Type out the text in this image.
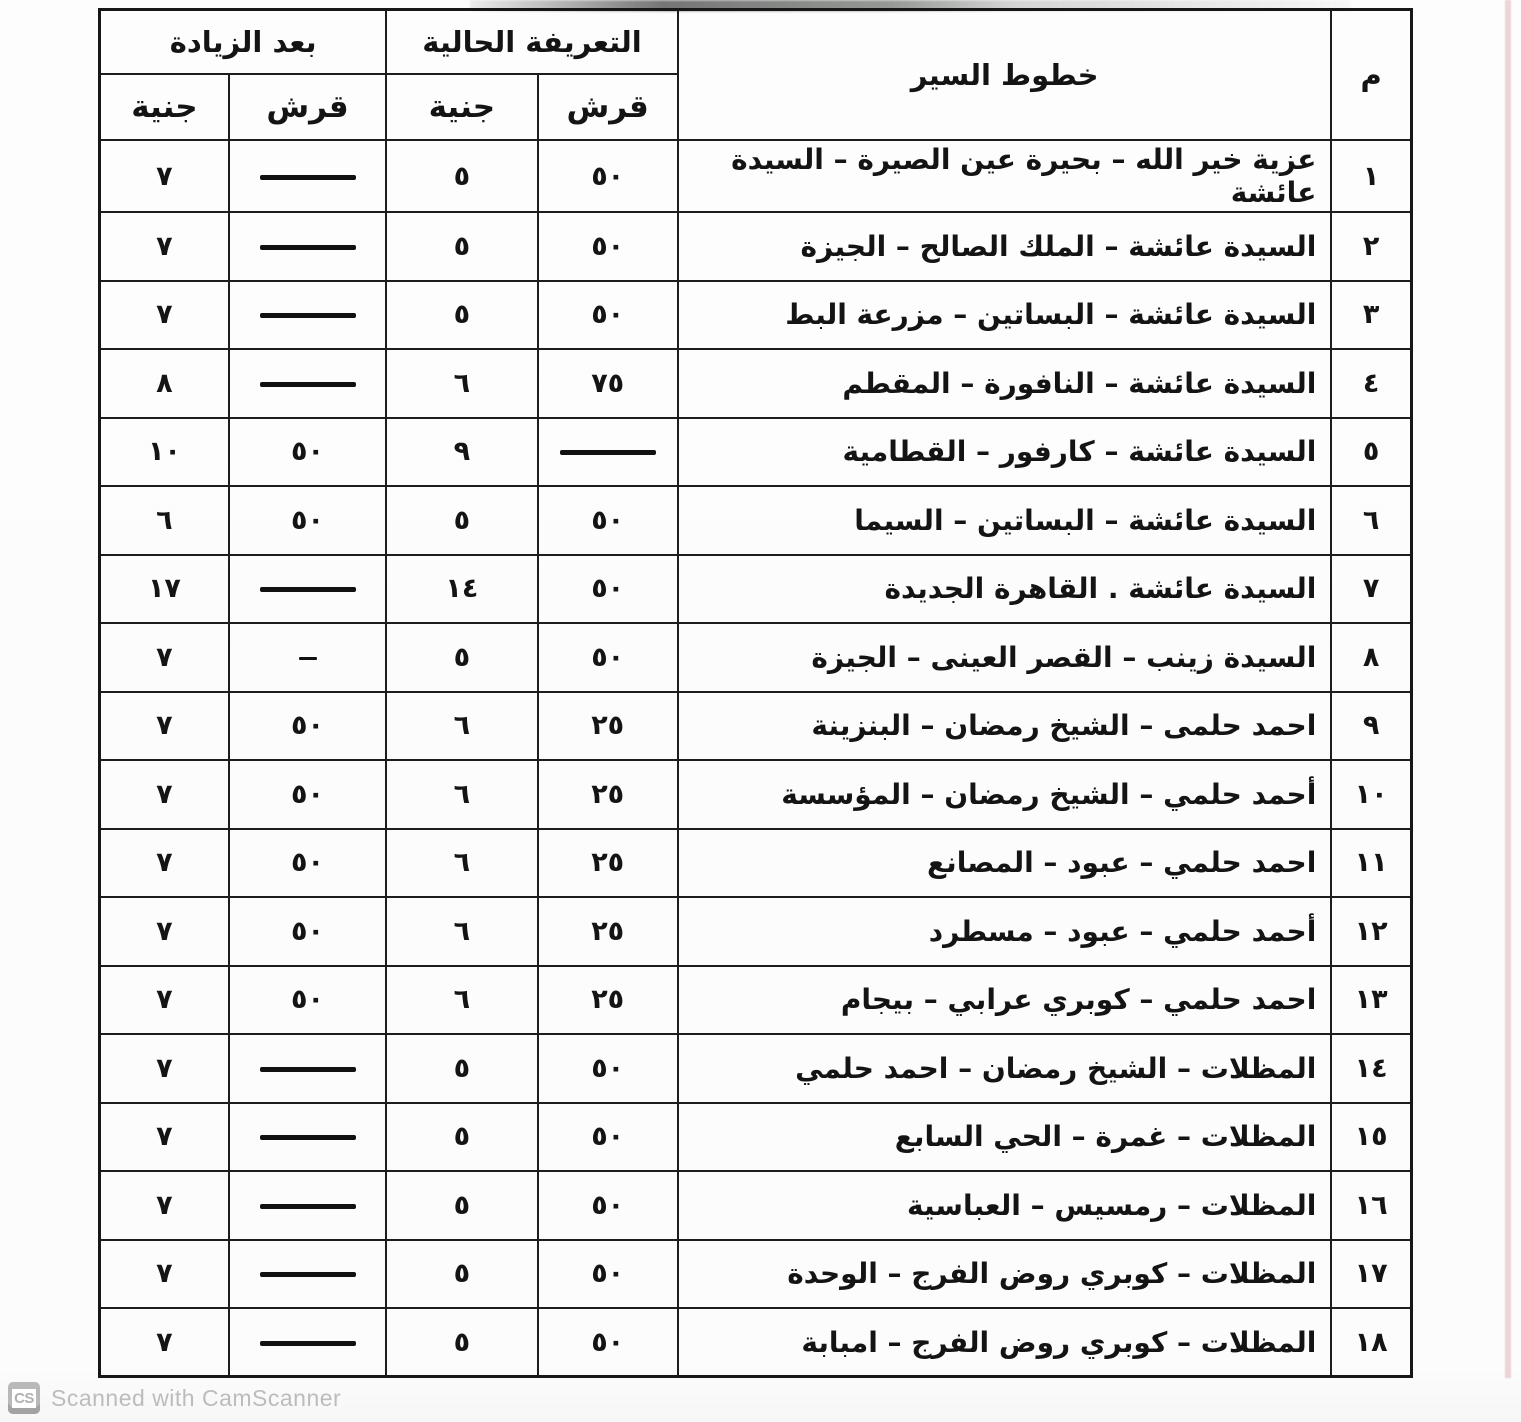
م	خطوط السير	التعريفة الحالية		بعد الزيادة	
		قرش	جنية	قرش	جنية
١	عزية خير الله – بحيرة عين الصيرة – السيدة عائشة	٥٠	٥		٧
٢	السيدة عائشة – الملك الصالح – الجيزة	٥٠	٥		٧
٣	السيدة عائشة – البساتين – مزرعة البط	٥٠	٥		٧
٤	السيدة عائشة – النافورة – المقطم	٧٥	٦		٨
٥	السيدة عائشة – كارفور – القطامية		٩	٥٠	١٠
٦	السيدة عائشة – البساتين – السيما	٥٠	٥	٥٠	٦
٧	السيدة عائشة . القاهرة الجديدة	٥٠	١٤		١٧
٨	السيدة زينب – القصر العينى – الجيزة	٥٠	٥		٧
٩	احمد حلمى – الشيخ رمضان – البنزينة	٢٥	٦	٥٠	٧
١٠	أحمد حلمي – الشيخ رمضان – المؤسسة	٢٥	٦	٥٠	٧
١١	احمد حلمي – عبود – المصانع	٢٥	٦	٥٠	٧
١٢	أحمد حلمي – عبود – مسطرد	٢٥	٦	٥٠	٧
١٣	احمد حلمي – كوبري عرابي – بيجام	٢٥	٦	٥٠	٧
١٤	المظلات – الشيخ رمضان – احمد حلمي	٥٠	٥		٧
١٥	المظلات – غمرة – الحي السابع	٥٠	٥		٧
١٦	المظلات – رمسيس – العباسية	٥٠	٥		٧
١٧	المظلات – كوبري روض الفرج – الوحدة	٥٠	٥		٧
١٨	المظلات – كوبري روض الفرج – امبابة	٥٠	٥		٧
CS Scanned with CamScanner
